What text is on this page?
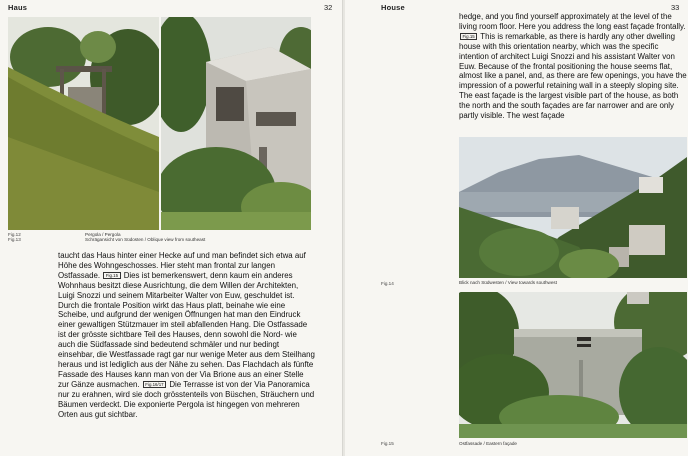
Haus	32
Fig.12
Fig.13
Pergola / Pergola
Schrägansicht von Südosten / Oblique view from southeast

taucht das Haus hinter einer Hecke auf und man befindet sich etwa auf Höhe des Wohngeschosses. Hier steht man frontal zur langen Ostfassade. Fig.15 Dies ist bemerkenswert, denn kaum ein anderes Wohnhaus besitzt diese Ausrichtung, die dem Willen der Architekten, Luigi Snozzi und seinem Mitarbeiter Walter von Euw, geschuldet ist. Durch die frontale Position wirkt das Haus platt, beinahe wie eine Scheibe, und aufgrund der wenigen Öffnungen hat man den Eindruck einer gewaltigen Stützmauer im steil abfallenden Hang. Die Ostfassade ist der grösste sichtbare Teil des Hauses, denn sowohl die Nord- wie auch die Südfassade sind bedeutend schmäler und nur bedingt einsehbar, die Westfassade ragt gar nur wenige Meter aus dem Steilhang heraus und ist lediglich aus der Nähe zu sehen. Das Flachdach als fünfte Fassade des Hauses kann man von der Via Brione aus an einer Stelle zur Gänze ausmachen. Fig.16/17 Die Terrasse ist von der Via Panoramica nur zu erahnen, wird sie doch grösstenteils von Büschen, Sträuchern und Bäumen verdeckt. Die exponierte Pergola ist hingegen von mehreren Orten aus gut sichtbar.

House	33

hedge, and you find yourself approximately at the level of the living room floor. Here you address the long east façade frontally. Fig.15 This is remarkable, as there is hardly any other dwelling house with this orientation nearby, which was the specific intention of architect Luigi Snozzi and his assistant Walter von Euw. Because of the frontal positioning the house seems flat, almost like a panel, and, as there are few openings, you have the impression of a powerful retaining wall in a steeply sloping site. The east façade is the largest visible part of the house, as both the north and the south façades are far narrower and are only partly visible. The west façade

Fig.14	Blick nach Südwesten / View towards southwest
Fig.15	Ostfassade / Eastern façade
